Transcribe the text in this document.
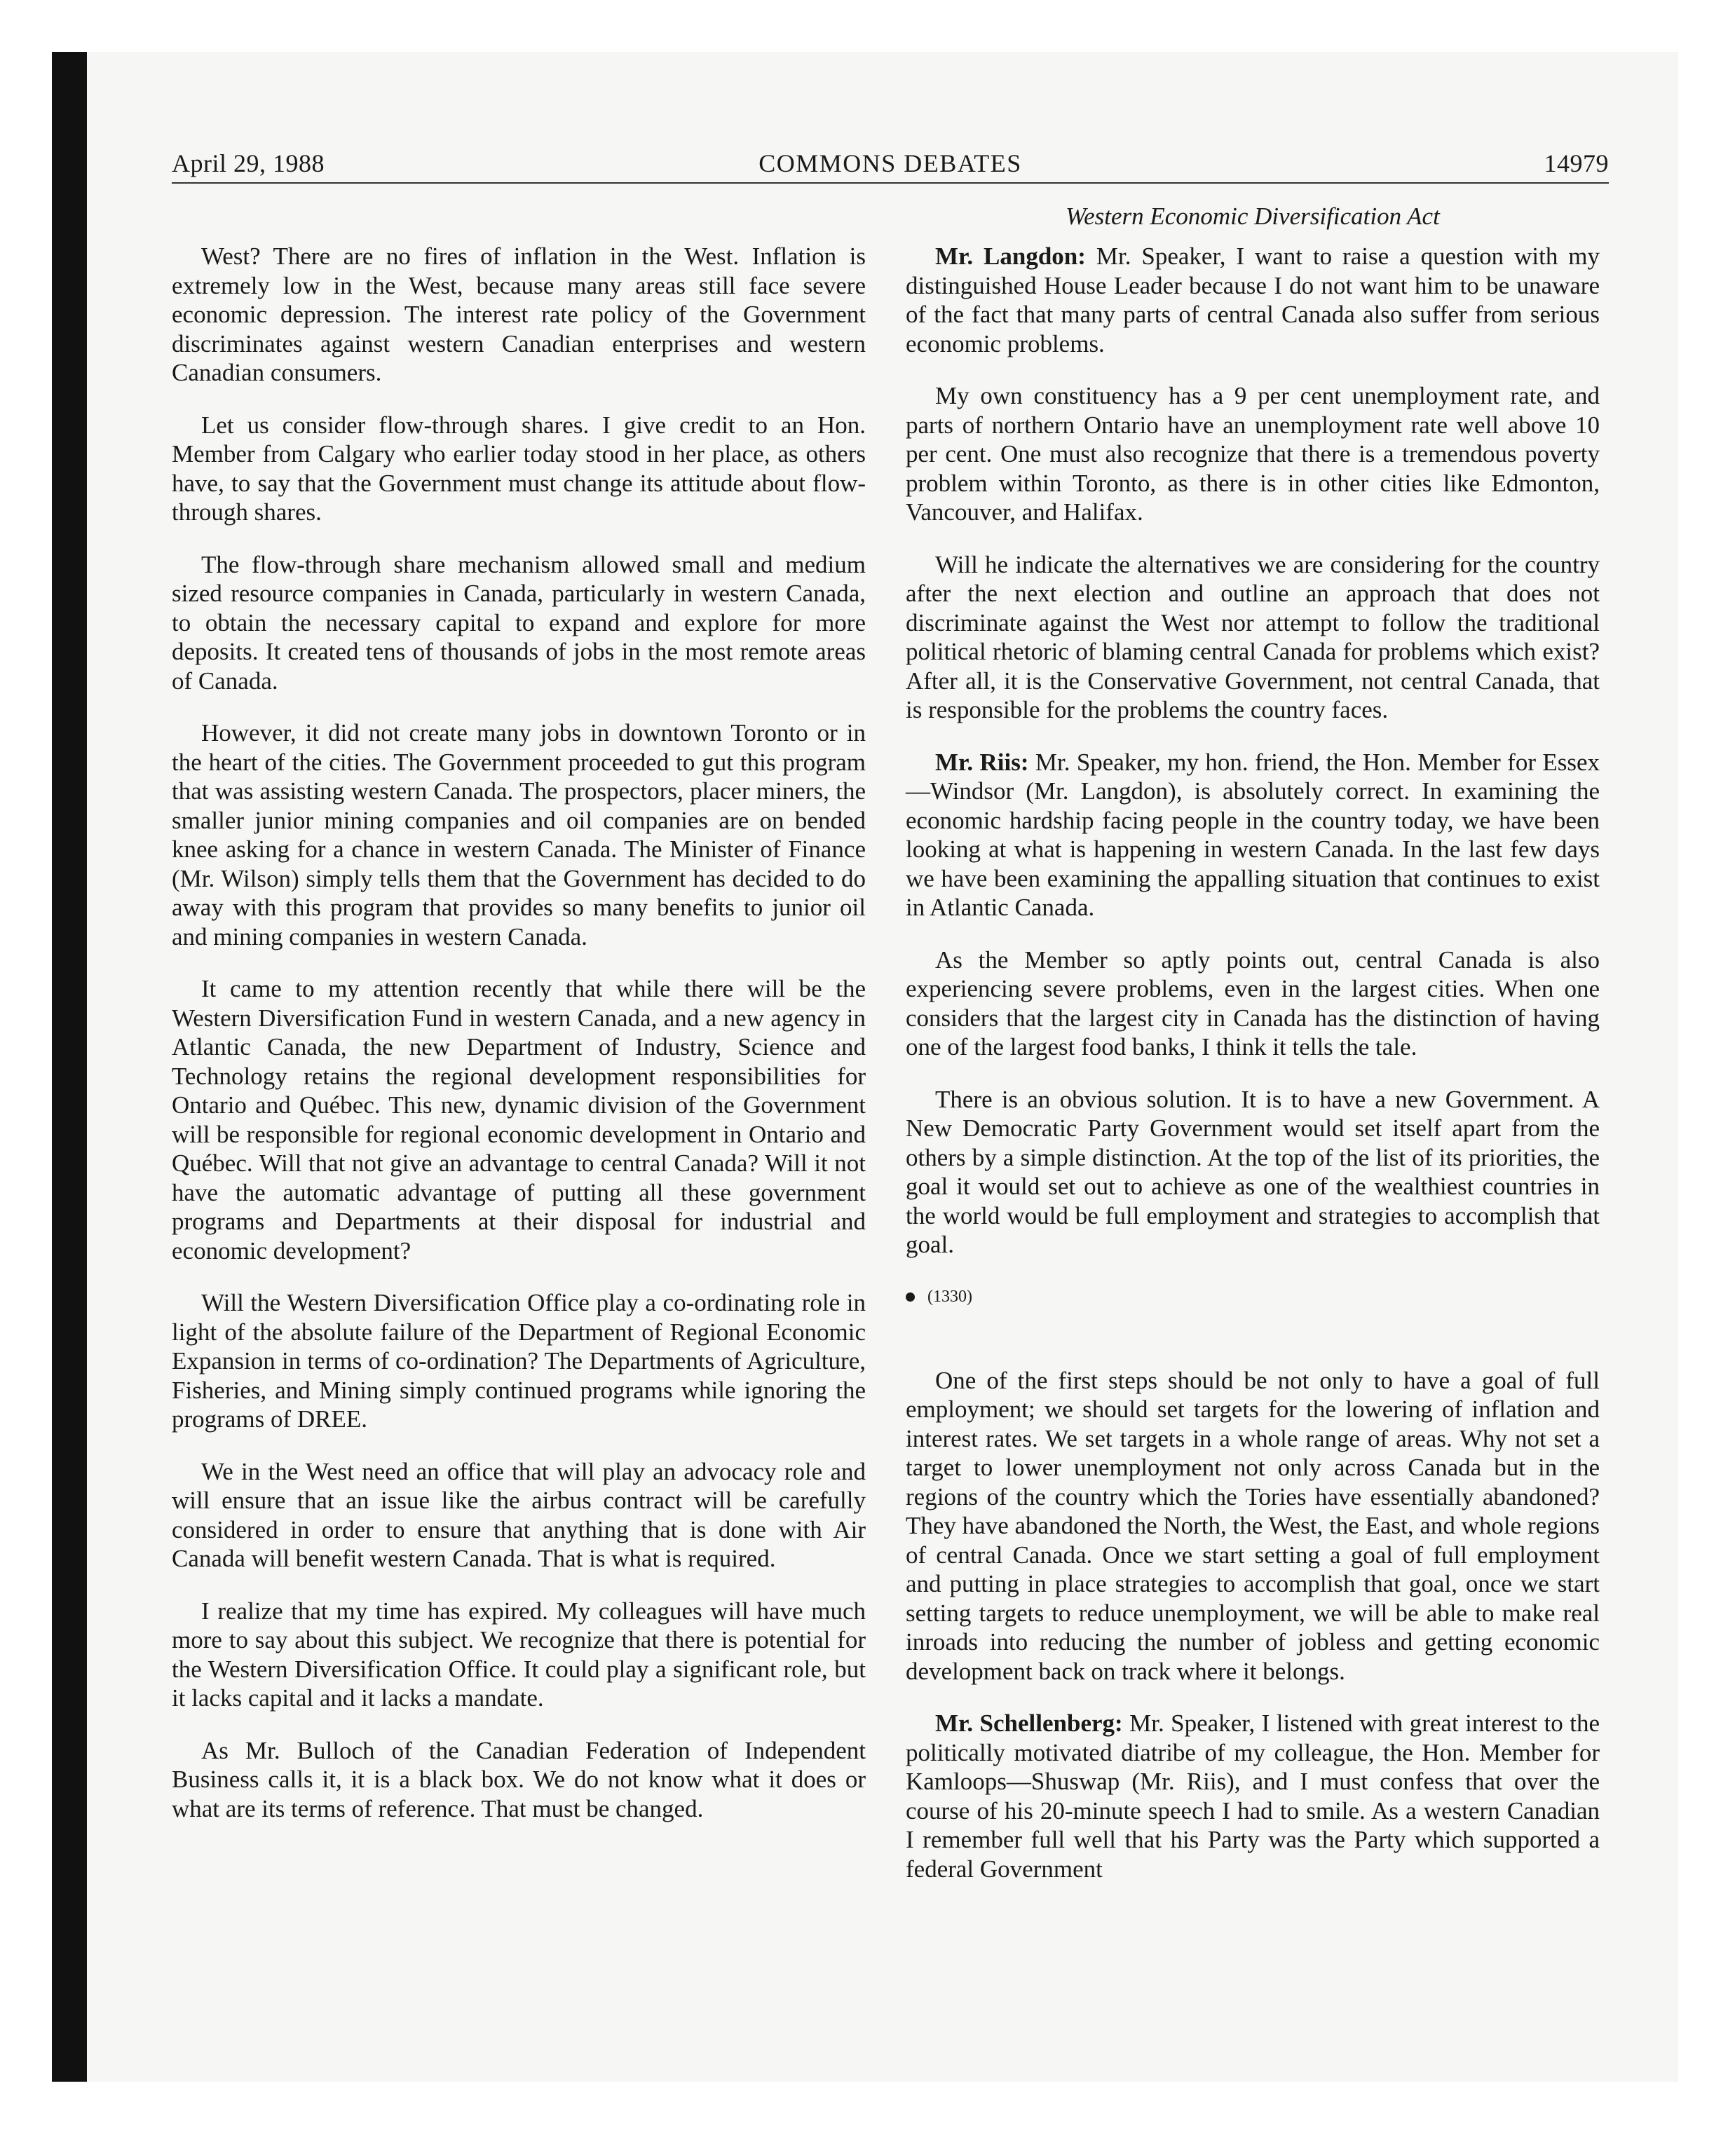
April 29, 1988	COMMONS DEBATES	14979

West? There are no fires of inflation in the West. Inflation is extremely low in the West, because many areas still face severe economic depression. The interest rate policy of the Government discriminates against western Canadian enterprises and western Canadian consumers.

Let us consider flow-through shares. I give credit to an Hon. Member from Calgary who earlier today stood in her place, as others have, to say that the Government must change its attitude about flow-through shares.

The flow-through share mechanism allowed small and medium sized resource companies in Canada, particularly in western Canada, to obtain the necessary capital to expand and explore for more deposits. It created tens of thousands of jobs in the most remote areas of Canada.

However, it did not create many jobs in downtown Toronto or in the heart of the cities. The Government proceeded to gut this program that was assisting western Canada. The prospectors, placer miners, the smaller junior mining companies and oil companies are on bended knee asking for a chance in western Canada. The Minister of Finance (Mr. Wilson) simply tells them that the Government has decided to do away with this program that provides so many benefits to junior oil and mining companies in western Canada.

It came to my attention recently that while there will be the Western Diversification Fund in western Canada, and a new agency in Atlantic Canada, the new Department of Industry, Science and Technology retains the regional development responsibilities for Ontario and Québec. This new, dynamic division of the Government will be responsible for regional economic development in Ontario and Québec. Will that not give an advantage to central Canada? Will it not have the automatic advantage of putting all these government programs and Departments at their disposal for industrial and economic development?

Will the Western Diversification Office play a co-ordinating role in light of the absolute failure of the Department of Regional Economic Expansion in terms of co-ordination? The Departments of Agriculture, Fisheries, and Mining simply continued programs while ignoring the programs of DREE.

We in the West need an office that will play an advocacy role and will ensure that an issue like the airbus contract will be carefully considered in order to ensure that anything that is done with Air Canada will benefit western Canada. That is what is required.

I realize that my time has expired. My colleagues will have much more to say about this subject. We recognize that there is potential for the Western Diversification Office. It could play a significant role, but it lacks capital and it lacks a mandate.

As Mr. Bulloch of the Canadian Federation of Independent Business calls it, it is a black box. We do not know what it does or what are its terms of reference. That must be changed.

Western Economic Diversification Act

Mr. Langdon: Mr. Speaker, I want to raise a question with my distinguished House Leader because I do not want him to be unaware of the fact that many parts of central Canada also suffer from serious economic problems.

My own constituency has a 9 per cent unemployment rate, and parts of northern Ontario have an unemployment rate well above 10 per cent. One must also recognize that there is a tremendous poverty problem within Toronto, as there is in other cities like Edmonton, Vancouver, and Halifax.

Will he indicate the alternatives we are considering for the country after the next election and outline an approach that does not discriminate against the West nor attempt to follow the traditional political rhetoric of blaming central Canada for problems which exist? After all, it is the Conservative Government, not central Canada, that is responsible for the problems the country faces.

Mr. Riis: Mr. Speaker, my hon. friend, the Hon. Member for Essex—Windsor (Mr. Langdon), is absolutely correct. In examining the economic hardship facing people in the country today, we have been looking at what is happening in western Canada. In the last few days we have been examining the appalling situation that continues to exist in Atlantic Canada.

As the Member so aptly points out, central Canada is also experiencing severe problems, even in the largest cities. When one considers that the largest city in Canada has the distinction of having one of the largest food banks, I think it tells the tale.

There is an obvious solution. It is to have a new Government. A New Democratic Party Government would set itself apart from the others by a simple distinction. At the top of the list of its priorities, the goal it would set out to achieve as one of the wealthiest countries in the world would be full employment and strategies to accomplish that goal.

(1330)

One of the first steps should be not only to have a goal of full employment; we should set targets for the lowering of inflation and interest rates. We set targets in a whole range of areas. Why not set a target to lower unemployment not only across Canada but in the regions of the country which the Tories have essentially abandoned? They have abandoned the North, the West, the East, and whole regions of central Canada. Once we start setting a goal of full employment and putting in place strategies to accomplish that goal, once we start setting targets to reduce unemployment, we will be able to make real inroads into reducing the number of jobless and getting economic development back on track where it belongs.

Mr. Schellenberg: Mr. Speaker, I listened with great interest to the politically motivated diatribe of my colleague, the Hon. Member for Kamloops—Shuswap (Mr. Riis), and I must confess that over the course of his 20-minute speech I had to smile. As a western Canadian I remember full well that his Party was the Party which supported a federal Government
